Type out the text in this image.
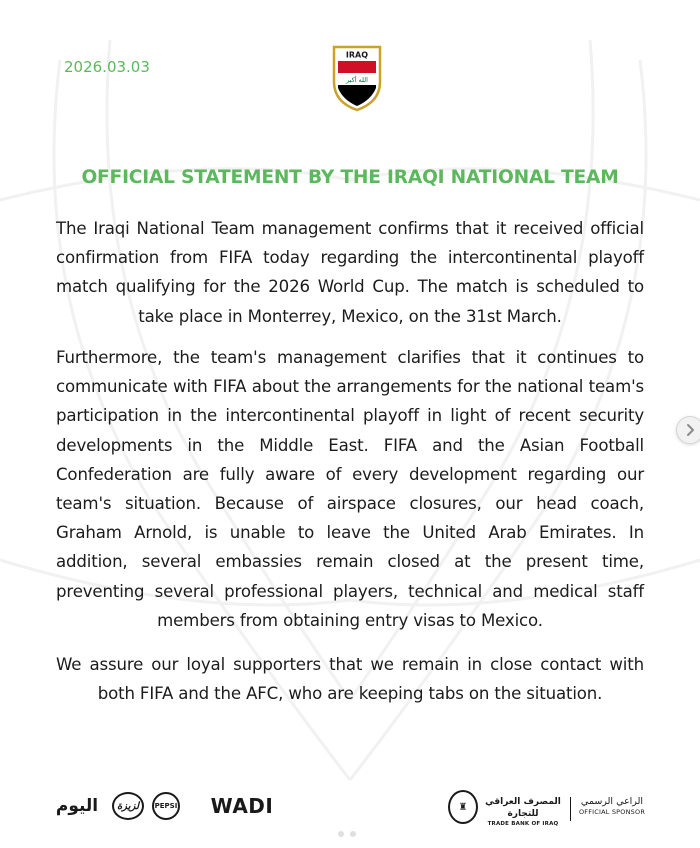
2026.03.03
IRAQ
الله أكبر
OFFICIAL STATEMENT BY THE IRAQI NATIONAL TEAM

The Iraqi National Team management confirms that it received official confirmation from FIFA today regarding the intercontinental playoff match qualifying for the 2026 World Cup. The match is scheduled to take place in Monterrey, Mexico, on the 31st March.

Furthermore, the team's management clarifies that it continues to communicate with FIFA about the arrangements for the national team's participation in the intercontinental playoff in light of recent security developments in the Middle East. FIFA and the Asian Football Confederation are fully aware of every development regarding our team's situation. Because of airspace closures, our head coach, Graham Arnold, is unable to leave the United Arab Emirates. In addition, several embassies remain closed at the present time, preventing several professional players, technical and medical staff members from obtaining entry visas to Mexico.

We assure our loyal supporters that we remain in close contact with both FIFA and the AFC, who are keeping tabs on the situation.

اليوم	لزيزة	PEPSI	WADI	♜	المصرف العراقي للتجارة
TRADE BANK OF IRAQ
الراعي الرسمي
OFFICIAL SPONSOR
